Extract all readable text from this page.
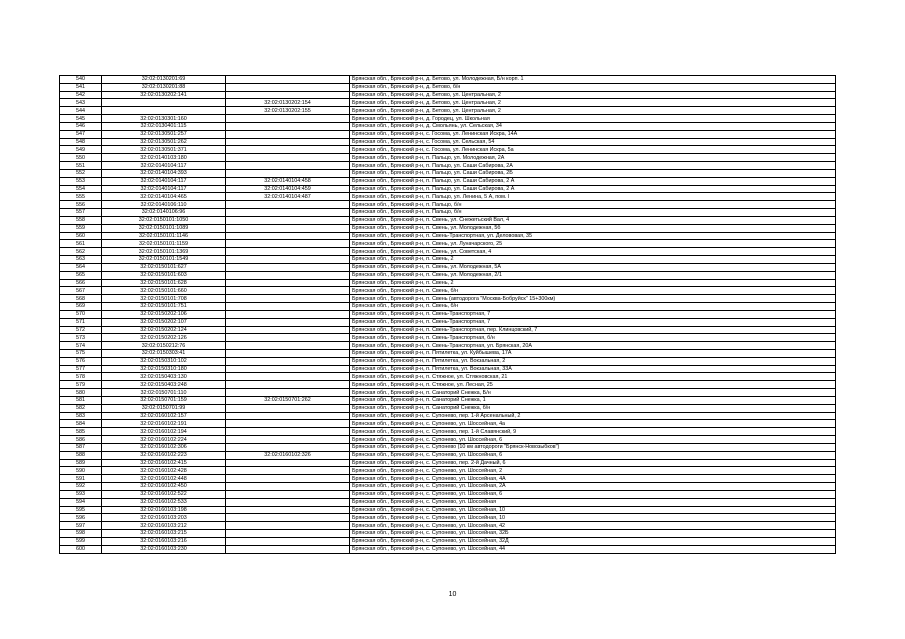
540	32:02:0130201:69		Брянская обл., Брянский р-н, д. Бетово, ул. Молодежная, Б/н корп. 1
541	32:02:0130201:88		Брянская обл., Брянский р-н, д. Бетово, б/н
542	32:02:0130202:141		Брянская обл., Брянский р-н, д. Бетово, ул. Центральная, 2
543		32:02:0130202:154	Брянская обл., Брянский р-н, д. Бетово, ул. Центральная, 2
544		32:02:0130202:155	Брянская обл., Брянский р-н, д. Бетово, ул. Центральная, 2
545	32:02:0130301:160		Брянская обл., Брянский р-н, д. Городец, ул. Школьная
546	32:02:0130401:115		Брянская обл., Брянский р-н, д. Смольянь, ул. Сельская, 34
547	32:02:0130501:257		Брянская обл., Брянский р-н, с. Госома, ул. Ленинская Искра, 14А
548	32:02:0130501:262		Брянская обл., Брянский р-н, с. Госома, ул. Сельская, 54
549	32:02:0130501:371		Брянская обл., Брянский р-н, с. Госома, ул. Ленинская Искра, 5а
550	32:02:0140103:180		Брянская обл., Брянский р-н, п. Пальцо, ул. Молодежная, 2А
551	32:02:0140104:117		Брянская обл., Брянский р-н, п. Пальцо, ул. Саши Сабирова, 2А
552	32:02:0140104:393		Брянская обл., Брянский р-н, п. Пальцо, ул. Саши Сабирова, 2Б
553	32:02:0140104:117	32:02:0140104:458	Брянская обл., Брянский р-н, п. Пальцо, ул. Саши Сабирова, 2 А
554	32:02:0140104:117	32:02:0140104:459	Брянская обл., Брянский р-н, п. Пальцо, ул. Саши Сабирова, 2 А
555	32:02:0140104:465	32:02:0140104:487	Брянская обл., Брянский р-н, п. Пальцо, ул. Ленина, 5 А, пом. I
556	32:02:0140106:110		Брянская обл., Брянский р-н, п. Пальцо, б/н
557	32:02:0140106:96		Брянская обл., Брянский р-н, п. Пальцо, б/н
558	32:02:0150101:1050		Брянская обл., Брянский р-н, п. Свень, ул. Снежетьский Вал, 4
559	32:02:0150101:1089		Брянская обл., Брянский р-н, п. Свень, ул. Молодежная, 5б
560	32:02:0150101:1146		Брянская обл., Брянский р-н, п. Свень-Транспортная, ул. Делововая, 35
561	32:02:0150101:1159		Брянская обл., Брянский р-н, п. Свень, ул. Луначарского, 25
562	32:02:0150101:1369		Брянская обл., Брянский р-н, п. Свень, ул. Советская, 4
563	32:02:0150101:1549		Брянская обл., Брянский р-н, п. Свень, 2
564	32:02:0150101:627		Брянская обл., Брянский р-н, п. Свень, ул. Молодежная, 5А
565	32:02:0150101:603		Брянская обл., Брянский р-н, п. Свень, ул. Молодежная, 2/1
566	32:02:0150101:628		Брянская обл., Брянский р-н, п. Свень, 2
567	32:02:0150101:660		Брянская обл., Брянский р-н, п. Свень, б/н
568	32:02:0150101:708		Брянская обл., Брянский р-н, п. Свень (автодорога "Москва-Бобруйск" 15+300км)
569	32:02:0150101:751		Брянская обл., Брянский р-н, п. Свень, б/н
570	32:02:0150202:106		Брянская обл., Брянский р-н, п. Свень-Транспортная, 7
571	32:02:0150202:107		Брянская обл., Брянский р-н, п. Свень-Транспортная, 7
572	32:02:0150202:124		Брянская обл., Брянский р-н, п. Свень-Транспортная, пер. Клинцовский, 7
573	32:02:0150202:126		Брянская обл., Брянский р-н, п. Свень-Транспортная, б/н
574	32:02:0150212:76		Брянская обл., Брянский р-н, п. Свень-Транспортная, ул. Брянская, 20А
575	32:02:0150303:41		Брянская обл., Брянский р-н, п. Пятилетка, ул. Куйбышева, 17А
576	32:02:0150310:102		Брянская обл., Брянский р-н, п. Пятилетка, ул. Вокзальная, 2
577	32:02:0150310:180		Брянская обл., Брянский р-н, п. Пятилетка, ул. Вокзальная, 33А
578	32:02:0150403:130		Брянская обл., Брянский р-н, п. Стяжное, ул. Стяжновская, 21
579	32:02:0150403:248		Брянская обл., Брянский р-н, п. Стяжное, ул. Лесная, 25
580	32:02:0150701:110		Брянская обл., Брянский р-н, п. Санаторий Снежка, Б/н
581	32:02:0150701:159	32:02:0150701:262	Брянская обл., Брянский р-н, п. Санаторий Снежка, 1
582	32:02:0150701:99		Брянская обл., Брянский р-н, п. Санаторий Снежка, б/н
583	32:02:0160102:157		Брянская обл., Брянский р-н, с. Супонево, пер. 1-й Арсенальный, 2
584	32:02:0160102:191		Брянская обл., Брянский р-н, с. Супонево, ул. Шоссейная, 4а
585	32:02:0160102:194		Брянская обл., Брянский р-н, с. Супонево, пер. 1-й Славянский, 9
586	32:02:0160102:224		Брянская обл., Брянский р-н, с. Супонево, ул. Шоссейная, 6
587	32:02:0160102:306		Брянская обл., Брянский р-н, с. Супонево (10 км автодороги "Брянск-Новозыбков")
588	32:02:0160102:223	32:02:0160102:326	Брянская обл., Брянский р-н, с. Супонево, ул. Шоссейная, 6
589	32:02:0160102:415		Брянская обл., Брянский р-н, с. Супонево, пер. 2-й Дачный, 6
590	32:02:0160102:428		Брянская обл., Брянский р-н, с. Супонево, ул. Шоссейная, 2
591	32:02:0160102:448		Брянская обл., Брянский р-н, с. Супонево, ул. Шоссейная, 4А
592	32:02:0160102:450		Брянская обл., Брянский р-н, с. Супонево, ул. Шоссейная, 2А
593	32:02:0160102:522		Брянская обл., Брянский р-н, с. Супонево, ул. Шоссейная, 6
594	32:02:0160102:533		Брянская обл., Брянский р-н, с. Супонево, ул. Шоссейная
595	32:02:0160103:198		Брянская обл., Брянский р-н, с. Супонево, ул. Шоссейная, 10
596	32:02:0160103:203		Брянская обл., Брянский р-н, с. Супонево, ул. Шоссейная, 10
597	32:02:0160103:212		Брянская обл., Брянский р-н, с. Супонево, ул. Шоссейная, 42
598	32:02:0160103:215		Брянская обл., Брянский р-н, с. Супонево, ул. Шоссейная, 32Б
599	32:02:0160103:216		Брянская обл., Брянский р-н, с. Супонево, ул. Шоссейная, 32Д
600	32:02:0160103:230		Брянская обл., Брянский р-н, с. Супонево, ул. Шоссейная, 44
10
